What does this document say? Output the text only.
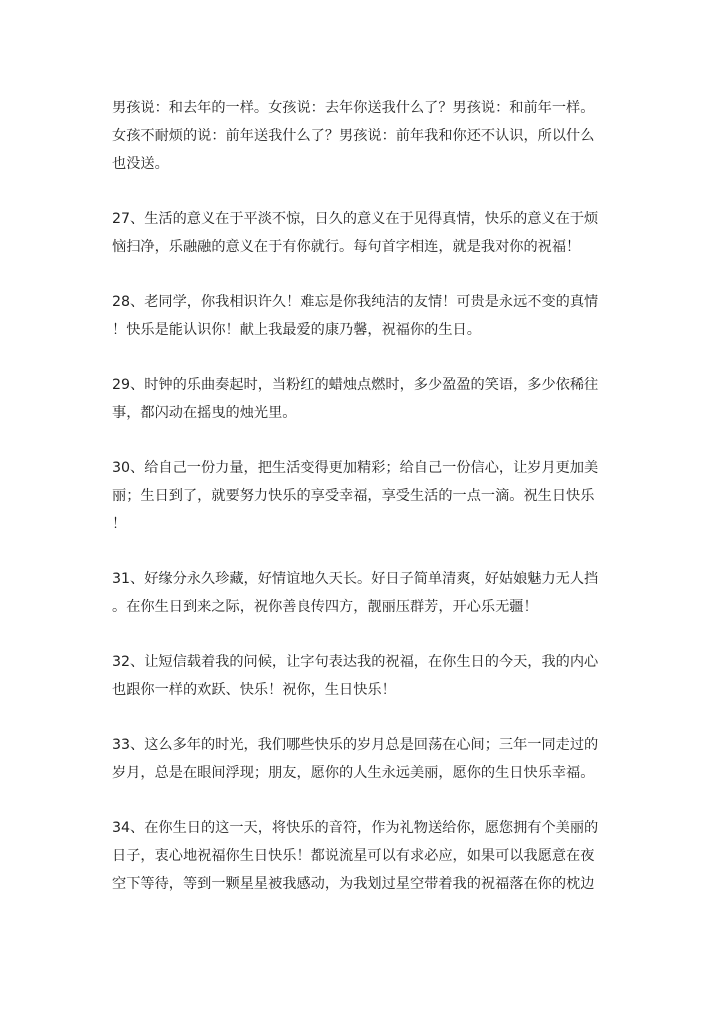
男孩说：和去年的一样。女孩说：去年你送我什么了？男孩说：和前年一样。
女孩不耐烦的说：前年送我什么了？男孩说：前年我和你还不认识，所以什么
也没送。

27、生活的意义在于平淡不惊，日久的意义在于见得真情，快乐的意义在于烦
恼扫净，乐融融的意义在于有你就行。每句首字相连，就是我对你的祝福！

28、老同学，你我相识许久！难忘是你我纯洁的友情！可贵是永远不变的真情
！快乐是能认识你！献上我最爱的康乃馨，祝福你的生日。

29、时钟的乐曲奏起时，当粉红的蜡烛点燃时，多少盈盈的笑语，多少依稀往
事，都闪动在摇曳的烛光里。

30、给自己一份力量，把生活变得更加精彩；给自己一份信心，让岁月更加美
丽；生日到了，就要努力快乐的享受幸福，享受生活的一点一滴。祝生日快乐
！

31、好缘分永久珍藏，好情谊地久天长。好日子简单清爽，好姑娘魅力无人挡
。在你生日到来之际，祝你善良传四方，靓丽压群芳，开心乐无疆！

32、让短信载着我的问候，让字句表达我的祝福，在你生日的今天，我的内心
也跟你一样的欢跃、快乐！祝你，生日快乐！

33、这么多年的时光，我们哪些快乐的岁月总是回荡在心间；三年一同走过的
岁月，总是在眼间浮现；朋友，愿你的人生永远美丽，愿你的生日快乐幸福。

34、在你生日的这一天，将快乐的音符，作为礼物送给你，愿您拥有个美丽的
日子，衷心地祝福你生日快乐！都说流星可以有求必应，如果可以我愿意在夜
空下等待，等到一颗星星被我感动，为我划过星空带着我的祝福落在你的枕边
